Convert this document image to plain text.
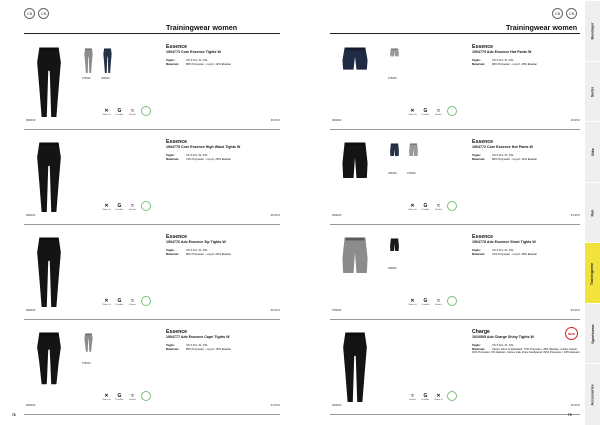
CB	CB
Trainingwear women
975000	396000
Essence
1904773 Core Essence Tights W
Taglie:	XS S M L XL XXL
Materiale: 86% Polyester - recycl. 14% Elastan
✕
Warm fit
G
Durable
≈
Stretch
999000	39.95 €
Essence
1904775 Core Essence High Waist Tights W
Taglie:	XS S M L XL XXL
Materiale: 72% Polyester - recycl. 28% Elastan
✕
Warm fit
G
Durable
≈
Stretch
999000	49.95 €
Essence
1904776 Adv Essence Zip Tights W
Taglie:	XS S M L XL XXL
Materiale: 80% Polyester - recycl. 20% Elastan
✕
Warm fit
G
Durable
≈
Stretch
999000	59.95 €
975000
Essence
1904777 Adv Essence Capri Tights W
Taglie:	XS S M L XL XXL
Materiale: 85% Polyester - recycl. 15% Elastan
✕
Warm fit
G
Durable
≈
Stretch
999000	44.95 €
78
CB	CB
Trainingwear women
975000
Essence
1904779 Adv Essence Hot Pants W
Taglie:	XS S M L XL XXL
Materiale: 82% Polyester - recycl. 18% Elastan
✕
Warm fit
G
Durable
≈
Stretch
999000	29.95 €
396000	975000
Essence
1904772 Core Essence Hot Pants W
Taglie:	XS S M L XL XXL
Materiale: 86% Polyester - recycl. 14% Elastan
✕
Warm fit
G
Durable
≈
Stretch
999000	24.95 €
999000
Essence
1904778 Adv Essence Short Tights W
Taglie:	XS S M L XL XXL
Materiale: 72% Polyester - recycl. 28% Elastan
✕
Warm fit
G
Durable
≈
Stretch
975000	39.95 €
Charge
1910505 Adv Charge Shiny Tights W
Taglie:	XS S M L XL XXL
Materiale: Vertex shine & Waistbelt: 72% Polyester, 28% Elastan, Inside melton: 91% Polyester, 9% Elastan, Vertex side shine backpanel: 82% Polyester / 18% Elastan
≈
Stretch
G
Durable
✕
Warm fit
999000	49.95 €
NEW
79
Baselayer
Socks
Bike
Run
Trainingwear
Sportswear
Accessories
